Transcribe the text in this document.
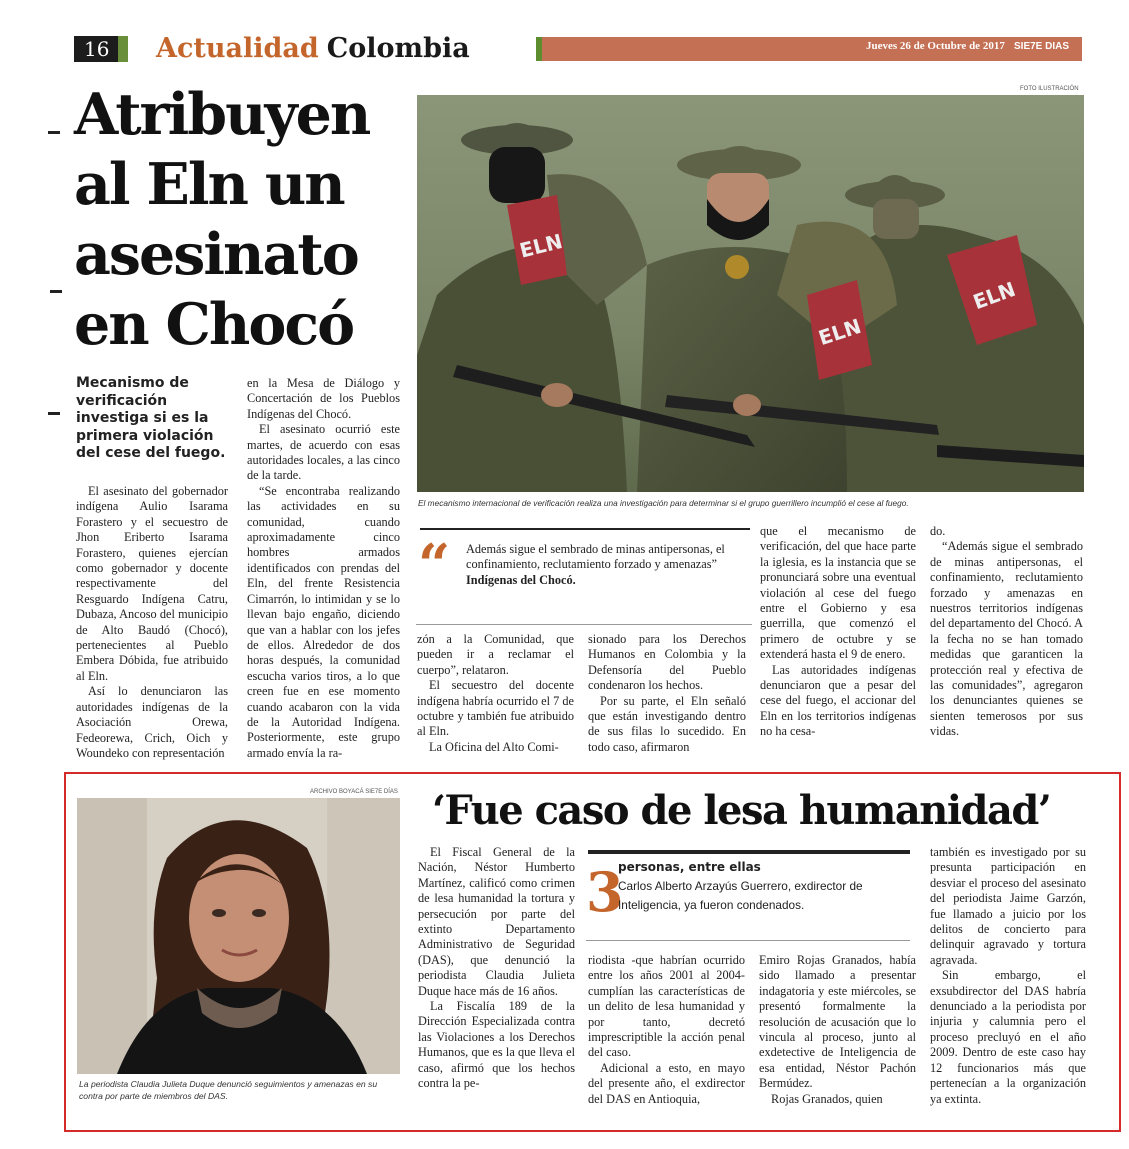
16	Actualidad Colombia	Jueves 26 de Octubre de 2017 SIE7E DIAS
Atribuyen
al Eln un
asesinato
en Chocó
Mecanismo de verificación investiga si es la primera violación del cese del fuego.
FOTO ILUSTRACIÓN
ELN
ELN
ELN
El mecanismo internacional de verificación realiza una investigación para determinar si el grupo guerrillero incumplió el cese al fuego.

El asesinato del gobernador indígena Aulio Isarama Forastero y el secuestro de Jhon Eriberto Isarama Forastero, quienes ejercían como gobernador y docente respectivamente del Resguardo Indígena Catru, Dubaza, Ancoso del municipio de Alto Baudó (Chocó), pertenecientes al Pueblo Embera Dóbida, fue atribuido al Eln.

Así lo denunciaron las autoridades indígenas de la Asociación Orewa, Fedeorewa, Crich, Oich y Woundeko con representación

en la Mesa de Diálogo y Concertación de los Pueblos Indígenas del Chocó.

El asesinato ocurrió este martes, de acuerdo con esas autoridades locales, a las cinco de la tarde.

“Se encontraba realizando las actividades en su comunidad, cuando aproximadamente cinco hombres armados identificados con prendas del Eln, del frente Resistencia Cimarrón, lo intimidan y se lo llevan bajo engaño, diciendo que van a hablar con los jefes de ellos. Alrededor de dos horas después, la comunidad escucha varios tiros, a lo que creen fue en ese momento cuando acabaron con la vida de la Autoridad Indígena. Posteriormente, este grupo armado envía la ra-

“	Además sigue el sembrado de minas antipersonas, el confinamiento, reclutamiento forzado y amenazas”
Indígenas del Chocó.

zón a la Comunidad, que pueden ir a reclamar el cuerpo”, relataron.

El secuestro del docente indígena habría ocurrido el 7 de octubre y también fue atribuido al Eln.

La Oficina del Alto Comi-

sionado para los Derechos Humanos en Colombia y la Defensoría del Pueblo condenaron los hechos.

Por su parte, el Eln señaló que están investigando dentro de sus filas lo sucedido. En todo caso, afirmaron

que el mecanismo de verificación, del que hace parte la iglesia, es la instancia que se pronunciará sobre una eventual violación al cese del fuego entre el Gobierno y esa guerrilla, que comenzó el primero de octubre y se extenderá hasta el 9 de enero.

Las autoridades indígenas denunciaron que a pesar del cese del fuego, el accionar del Eln en los territorios indígenas no ha cesa-

do.

“Además sigue el sembrado de minas antipersonas, el confinamiento, reclutamiento forzado y amenazas en nuestros territorios indígenas del departamento del Chocó. A la fecha no se han tomado medidas que garanticen la protección real y efectiva de las comunidades”, agregaron los denunciantes quienes se sienten temerosos por sus vidas.

ARCHIVO BOYACÁ SIE7E DÍAS
La periodista Claudia Julieta Duque denunció seguimientos y amenazas en su contra por parte de miembros del DAS.
‘Fue caso de lesa humanidad’

El Fiscal General de la Nación, Néstor Humberto Martínez, calificó como crimen de lesa humanidad la tortura y persecución por parte del extinto Departamento Administrativo de Seguridad (DAS), que denunció la periodista Claudia Julieta Duque hace más de 16 años.

La Fiscalía 189 de la Dirección Especializada contra las Violaciones a los Derechos Humanos, que es la que lleva el caso, afirmó que los hechos contra la pe-

3
personas, entre ellas
Carlos Alberto Arzayús Guerrero, exdirector de Inteligencia, ya fueron condenados.

riodista -que habrían ocurrido entre los años 2001 al 2004- cumplían las características de un delito de lesa humanidad y por tanto, decretó imprescriptible la acción penal del caso.

Adicional a esto, en mayo del presente año, el exdirector del DAS en Antioquia,

Emiro Rojas Granados, había sido llamado a presentar indagatoria y este miércoles, se presentó formalmente la resolución de acusación que lo vincula al proceso, junto al exdetective de Inteligencia de esa entidad, Néstor Pachón Bermúdez.

Rojas Granados, quien

también es investigado por su presunta participación en desviar el proceso del asesinato del periodista Jaime Garzón, fue llamado a juicio por los delitos de concierto para delinquir agravado y tortura agravada.

Sin embargo, el exsubdirector del DAS habría denunciado a la periodista por injuria y calumnia pero el proceso precluyó en el año 2009. Dentro de este caso hay 12 funcionarios más que pertenecían a la organización ya extinta.
